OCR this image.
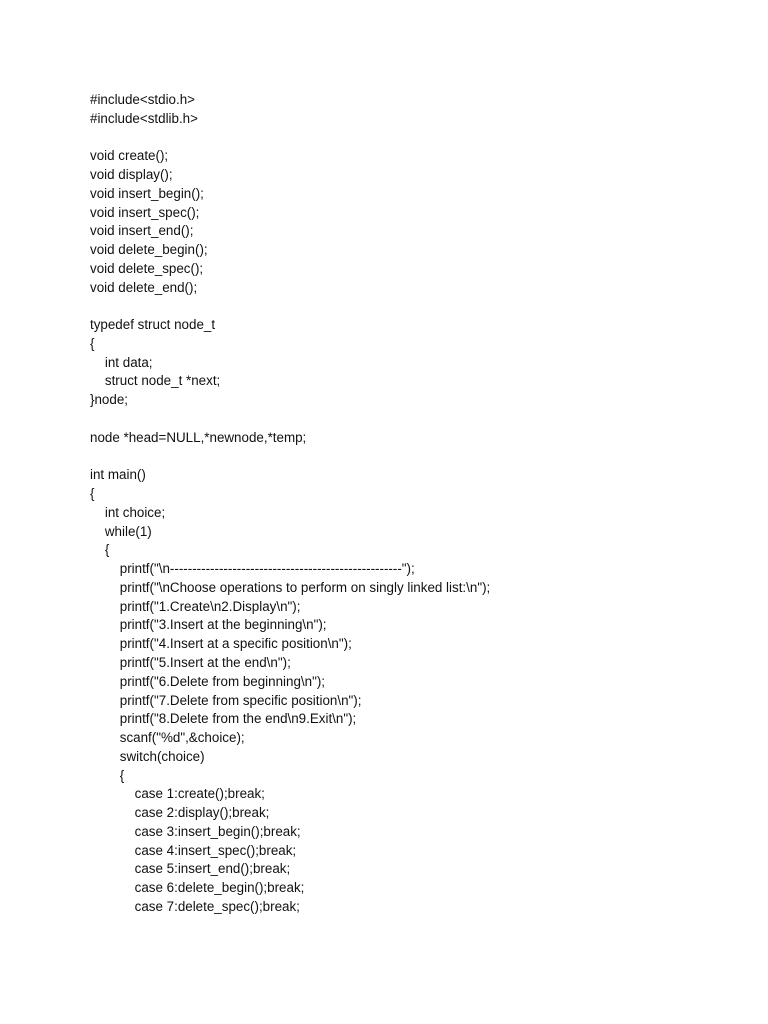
#include<stdio.h>
#include<stdlib.h>
void create();
void display();
void insert_begin();
void insert_spec();
void insert_end();
void delete_begin();
void delete_spec();
void delete_end();
typedef struct node_t
{
int data;
struct node_t *next;
}node;
node *head=NULL,*newnode,*temp;
int main()
{
int choice;
while(1)
{
printf("\n----------------------------------------------------");
printf("\nChoose operations to perform on singly linked list:\n");
printf("1.Create\n2.Display\n");
printf("3.Insert at the beginning\n");
printf("4.Insert at a specific position\n");
printf("5.Insert at the end\n");
printf("6.Delete from beginning\n");
printf("7.Delete from specific position\n");
printf("8.Delete from the end\n9.Exit\n");
scanf("%d",&choice);
switch(choice)
{
case 1:create();break;
case 2:display();break;
case 3:insert_begin();break;
case 4:insert_spec();break;
case 5:insert_end();break;
case 6:delete_begin();break;
case 7:delete_spec();break;
